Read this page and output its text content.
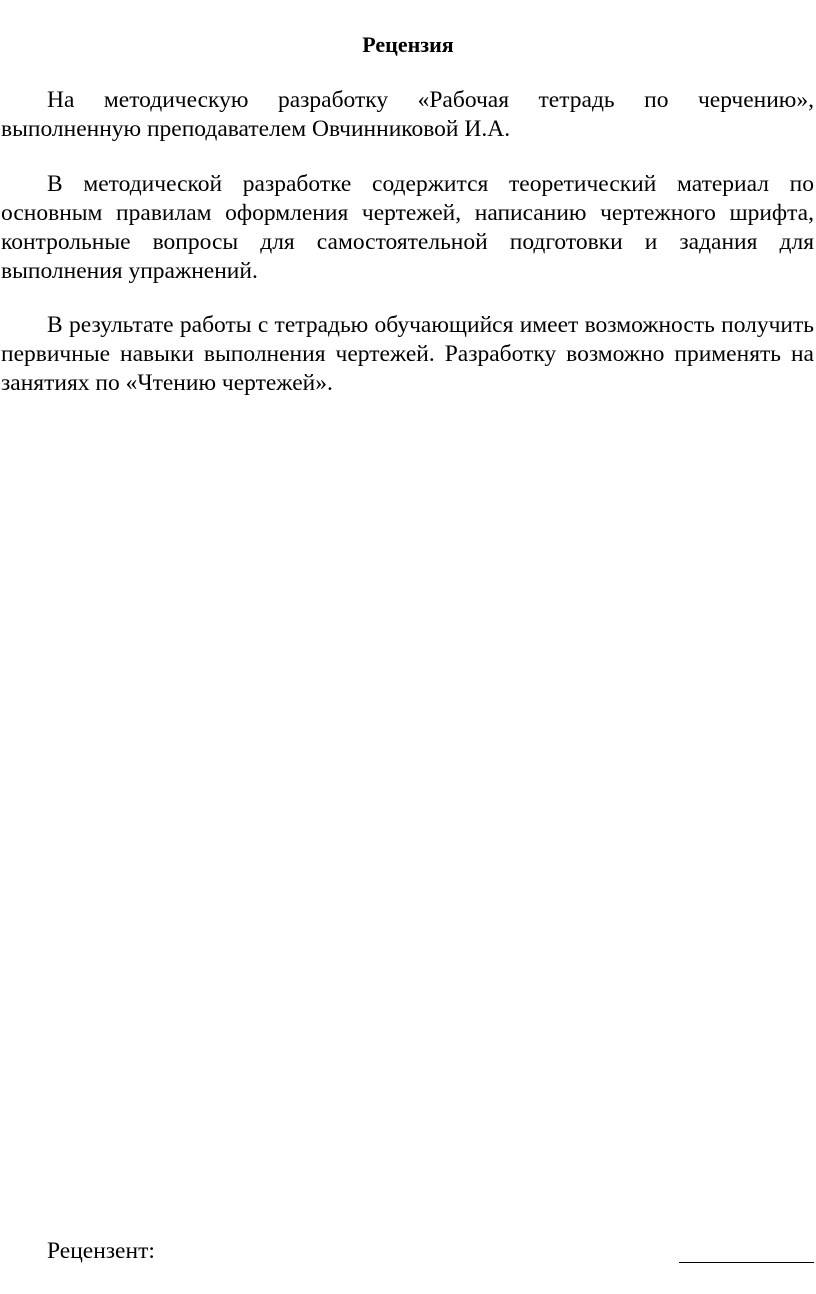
Рецензия

На методическую разработку «Рабочая тетрадь по черчению», выполненную преподавателем Овчинниковой И.А.

В методической разработке содержится теоретический материал по основным правилам оформления чертежей, написанию чертежного шрифта, контрольные вопросы для самостоятельной подготовки и задания для выполнения упражнений.

В результате работы с тетрадью обучающийся имеет возможность получить первичные навыки выполнения чертежей. Разработку возможно применять на занятиях по «Чтению чертежей».

Рецензент:
